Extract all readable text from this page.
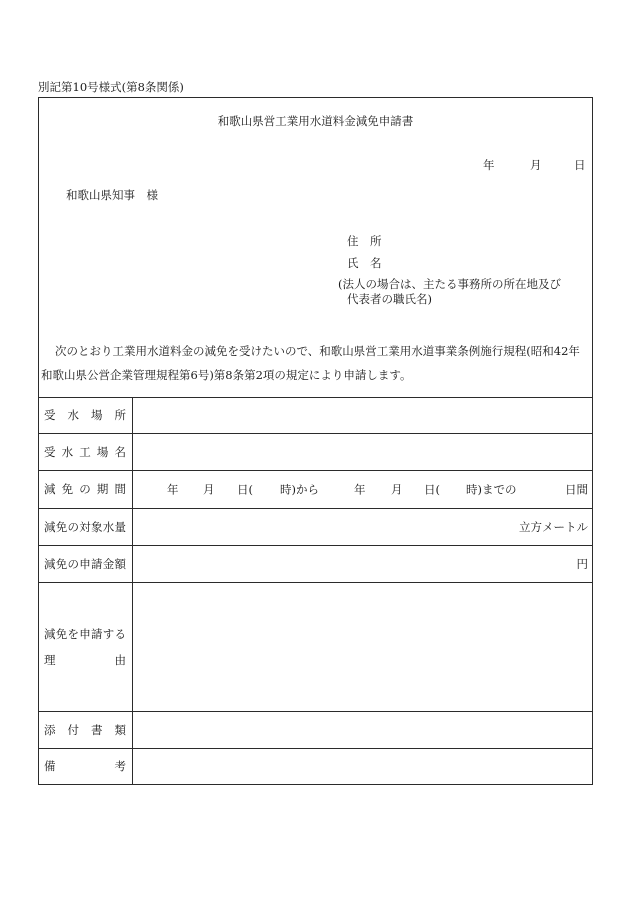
別記第10号様式(第8条関係)
和歌山県営工業用水道料金減免申請書
年	月	日
和歌山県知事　様
住　所
氏　名
(法人の場合は、主たる事務所の所在地及び
代表者の職氏名)
次のとおり工業用水道料金の減免を受けたいので、和歌山県営工業用水道事業条例施行規程(昭和42年
和歌山県公営企業管理規程第6号)第8条第2項の規定により申請します。
受 水 場 所
受 水 工 場 名
減 免 の 期 間	年 月 日( 時)から	年 月 日( 時)までの	日間
減 免 の 対 象 水 量	立方メートル
減 免 の 申 請 金 額	円
減 免 を 申 請 す る
理	由
添 付 書 類
備	考
